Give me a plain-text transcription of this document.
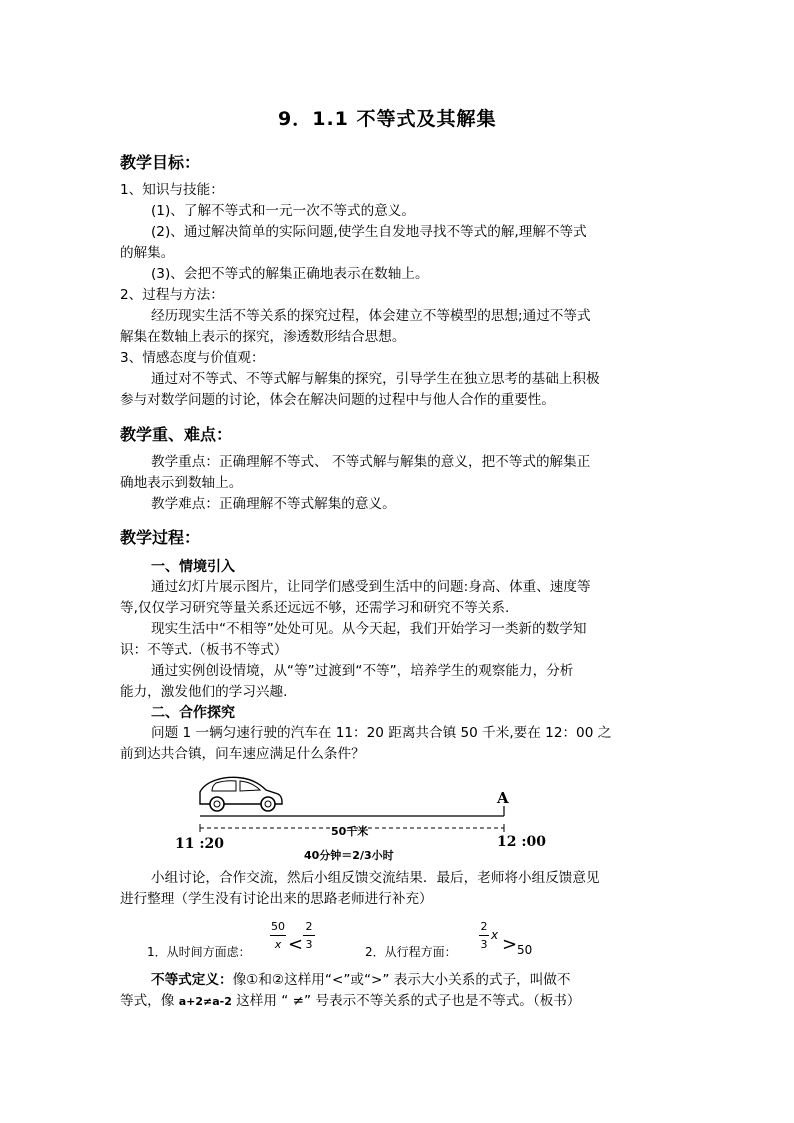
9．1.1 不等式及其解集
教学目标：
1、知识与技能：
(1)、了解不等式和一元一次不等式的意义。
(2)、通过解决简单的实际问题,使学生自发地寻找不等式的解,理解不等式
的解集。
(3)、会把不等式的解集正确地表示在数轴上。
2、过程与方法：
经历现实生活不等关系的探究过程，体会建立不等模型的思想;通过不等式
解集在数轴上表示的探究，渗透数形结合思想。
3、情感态度与价值观：
通过对不等式、不等式解与解集的探究，引导学生在独立思考的基础上积极
参与对数学问题的讨论，体会在解决问题的过程中与他人合作的重要性。
教学重、难点：
教学重点：正确理解不等式、 不等式解与解集的意义，把不等式的解集正
确地表示到数轴上。
教学难点：正确理解不等式解集的意义。
教学过程：
一、情境引入
通过幻灯片展示图片，让同学们感受到生活中的问题:身高、体重、速度等
等,仅仅学习研究等量关系还远远不够，还需学习和研究不等关系.
现实生活中“不相等”处处可见。从今天起，我们开始学习一类新的数学知
识：不等式.（板书不等式）
通过实例创设情境，从“等”过渡到“不等”，培养学生的观察能力，分析
能力，激发他们的学习兴趣.
二、合作探究
问题 1 一辆匀速行驶的汽车在 11：20 距离共合镇 50 千米,要在 12：00 之
前到达共合镇，问车速应满足什么条件？
A
11 :20	12 :00
50千米
40分钟＝2/3小时
小组讨论，合作交流，然后小组反馈交流结果．最后，老师将小组反馈意见
进行整理（学生没有讨论出来的思路老师进行补充）
1．从时间方面虑：
50
x <
2
3
2．从行程方面：
2
3
x > 50
不等式定义：像①和②这样用“<”或“>” 表示大小关系的式子，叫做不
等式，像 a+2≠a-2 这样用 “ ≠” 号表示不等关系的式子也是不等式。（板书）
